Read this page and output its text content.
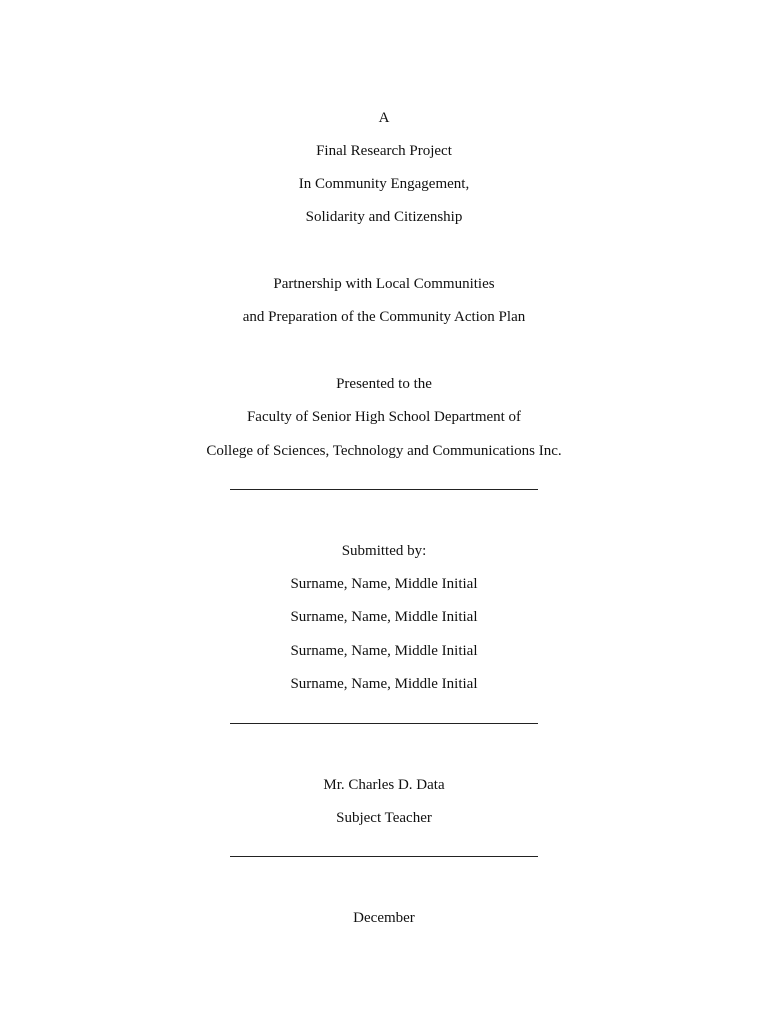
A
Final Research Project
In Community Engagement,
Solidarity and Citizenship
Partnership with Local Communities
and Preparation of the Community Action Plan
Presented to the
Faculty of Senior High School Department of
College of Sciences, Technology and Communications Inc.
Submitted by:
Surname, Name, Middle Initial
Surname, Name, Middle Initial
Surname, Name, Middle Initial
Surname, Name, Middle Initial
Mr. Charles D. Data
Subject Teacher
December
